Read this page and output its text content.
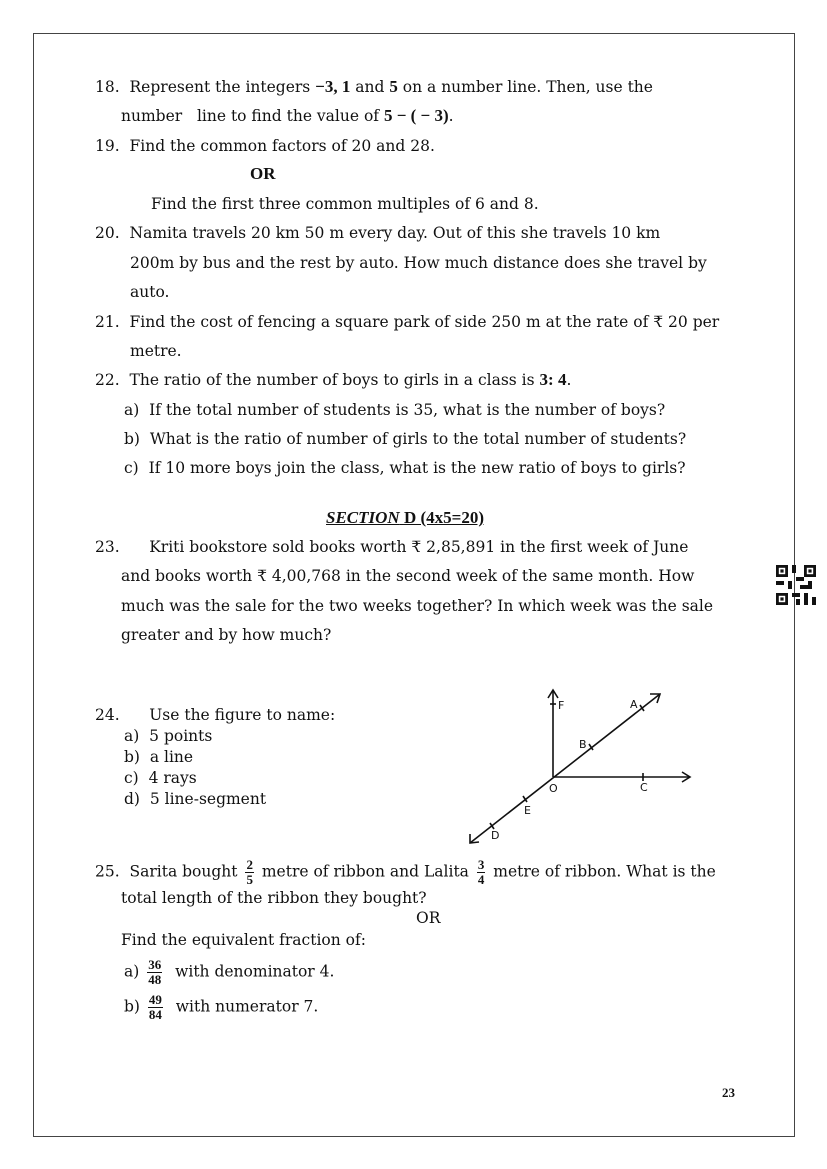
18. Represent the integers −3, 1 and 5 on a number line. Then, use the
number   line to find the value of 5 − ( − 3).
19. Find the common factors of 20 and 28.
OR
Find the first three common multiples of 6 and 8.
20. Namita travels 20 km 50 m every day. Out of this she travels 10 km
200m by bus and the rest by auto. How much distance does she travel by
auto.
21. Find the cost of fencing a square park of side 250 m at the rate of ₹ 20 per
metre.
22. The ratio of the number of boys to girls in a class is 3: 4.
a) If the total number of students is 35, what is the number of boys?
b) What is the ratio of number of girls to the total number of students?
c) If 10 more boys join the class, what is the new ratio of boys to girls?
SECTION D (4x5=20)
23. Kriti bookstore sold books worth ₹ 2,85,891 in the first week of June
and books worth ₹ 4,00,768 in the second week of the same month. How
much was the sale for the two weeks together? In which week was the sale
greater and by how much?
24. Use the figure to name:
a) 5 points
b) a line
c) 4 rays
d) 5 line-segment
F	A
B
O	C
E
D
25. Sarita bought $\frac{2}{5}$ metre of ribbon and Lalita $\frac{3}{4}$ metre of ribbon. What is the
total length of the ribbon they bought?
OR
Find the equivalent fraction of:
$a) \frac{36}{48}$ with denominator 4.
$b) \frac{49}{84}$ with numerator 7.
23
